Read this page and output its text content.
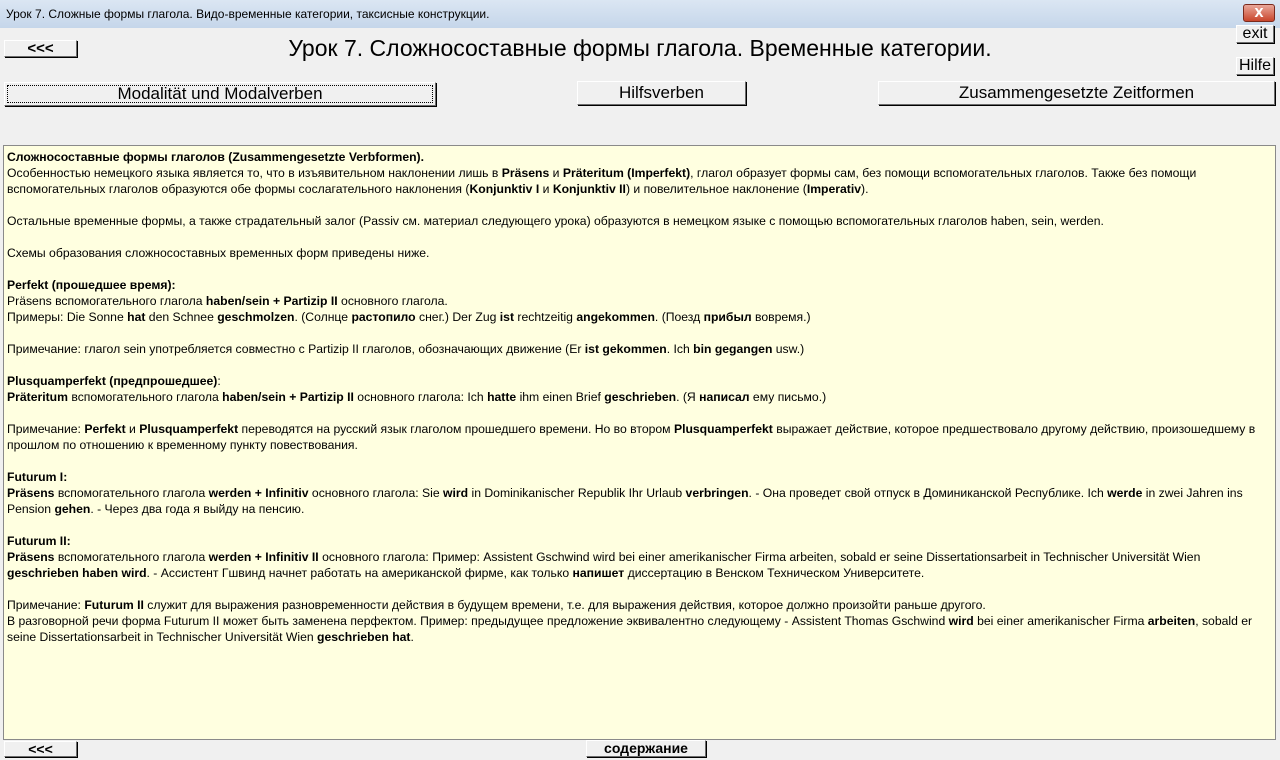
Урок 7. Сложные формы глагола. Видо-временные категории, таксисные конструкции.	X
<<<	Урок 7. Сложносоставные формы глагола. Временные категории.
exit
Hilfe
Modalität und Modalverben	Hilfsverben	Zusammengesetzte Zeitformen

Сложносоставные формы глаголов (Zusammengesetzte Verbformen).
Особенностью немецкого языка является то, что в изъявительном наклонении лишь в Präsens и Präteritum (Imperfekt), глагол образует формы сам, без помощи вспомогательных глаголов. Также без помощи вспомогательных глаголов образуются обе формы сослагательного наклонения (Konjunktiv I и Konjunktiv II) и повелительное наклонение (Imperativ).

Остальные временные формы, а также страдательный залог (Passiv см. материал следующего урока) образуются в немецком языке с помощью вспомогательных глаголов haben, sein, werden.

Схемы образования сложносоставных временных форм приведены ниже.

Perfekt (прошедшее время):
Präsens вспомогательного глагола haben/sein + Partizip II основного глагола.
Примеры: Die Sonne hat den Schnee geschmolzen. (Солнце растопило снег.) Der Zug ist rechtzeitig angekommen. (Поезд прибыл вовремя.)

Примечание: глагол sein употребляется совместно с Partizip II глаголов, обозначающих движение (Er ist gekommen. Ich bin gegangen usw.)

Plusquamperfekt (предпрошедшее):
Präteritum вспомогательного глагола haben/sein + Partizip II основного глагола: Ich hatte ihm einen Brief geschrieben. (Я написал ему письмо.)

Примечание: Perfekt и Plusquamperfekt переводятся на русский язык глаголом прошедшего времени. Но во втором Plusquamperfekt выражает действие, которое предшествовало другому действию, произошедшему в прошлом по отношению к временному пункту повествования.

Futurum I:
Präsens вспомогательного глагола werden + Infinitiv основного глагола: Sie wird in Dominikanischer Republik Ihr Urlaub verbringen. - Она проведет свой отпуск в Доминиканской Республике. Ich werde in zwei Jahren ins Pension gehen. - Через два года я выйду на пенсию.

Futurum II:
Präsens вспомогательного глагола werden + Infinitiv II основного глагола: Пример: Assistent Gschwind wird bei einer amerikanischer Firma arbeiten, sobald er seine Dissertationsarbeit in Technischer Universität Wien geschrieben haben wird. - Ассистент Гшвинд начнет работать на американской фирме, как только напишет диссертацию в Венском Техническом Университете.

Примечание: Futurum II служит для выражения разновременности действия в будущем времени, т.е. для выражения действия, которое должно произойти раньше другого.
В разговорной речи форма Futurum II может быть заменена перфектом. Пример: предыдущее предложение эквивалентно следующему - Assistent Thomas Gschwind wird bei einer amerikanischer Firma arbeiten, sobald er seine Dissertationsarbeit in Technischer Universität Wien geschrieben hat.

<<<	содержание
